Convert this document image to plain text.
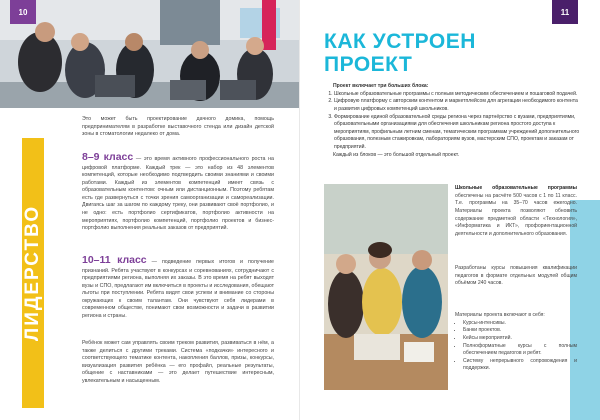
10
ЛИДЕРСТВО
Это может быть проектирование дачного домика, помощь предпринимателям в разработке выставочного стенда или дизайн детской зоны в стоматологии недалеко от дома.
8–9 класс — это время активного профессионального роста на цифровой платформе. Каждый трек — это набор из 48 элементов компетенций, которые необходимо подтвердить своими знаниями и своими работами. Каждый из элементов компетенций имеет связь с образовательным контентом: очным или дистанционным. Поэтому ребятам есть где развернуться с точки зрения самоорганизации и самореализации. Двигаясь шаг за шагом по каждому треку, они развивают своё портфолио, и не одно: есть портфолио сертификатов, портфолио активности на мероприятиях, портфолио компетенций, портфолио проектов и бизнес-портфолио выполнения реальных заказов от предприятий.
10–11 класс — подведение первых итогов и получение признаний. Ребята участвуют в конкурсах и соревнованиях, сотрудничают с предприятиями региона, выполняя их заказы. В это время на ребят выходят вузы и СПО, предлагают им включиться в проекты и исследования, обещают льготы при поступлении. Ребята видят свои успехи и внимание со стороны окружающих к своим талантам. Они чувствуют себя лидерами в современном обществе, понимают свои возможности и задачи в развитии региона и страны.
Ребёнок может сам управлять своим треком развития, развиваться в нём, а также делиться с другими треками. Система «подкачки» интересного и соответствующего тематике контента, накопления баллов, призы, конкурсы, визуализация развития ребёнка — его профайл, реальные результаты, общение с наставниками — это делает путешествие интересным, увлекательным и насыщенным.
11
КАК УСТРОЕН
ПРОЕКТ
Проект включает три больших блока:
1. Школьные образовательные программы с полным методическим обеспечением и пошаговой подачей.
2. Цифровую платформу с авторским контентом и маркетплейсом для агрегации необходимого контента и развития цифровых компетенций школьников.
3. Формирование единой образовательной среды региона через партнёрство с вузами, предприятиями, образовательными организациями для обеспечения школьникам региона простого доступа к мероприятиям, профильным летним сменам, тематическим программам учреждений дополнительного образования, полезным стажировкам, лабораториям вузов, мастерским СПО, проектам и заказам от предприятий.
Каждый из блоков — это большой отдельный проект.
Школьные образовательные программы обеспечены на расчёте 500 часов с 1 по 11 класс. Т.е. программы на 35–70 часов ежегодно. Материалы проекта позволяют обновить содержание предметной области «Технология», «Информатика и ИКТ», профориентационной деятельности и дополнительного образования.
Разработаны курсы повышения квалификации педагогов в формате отдельных модулей общим объёмом 240 часов.
Материалы проекта включают в себя:
• Курсы-интенсивы.
• Банки проектов.
• Кейсы мероприятий.
• Полноформатные курсы с полным обеспечением педагогов и ребят.
• Систему непрерывного сопровождения и поддержки.
